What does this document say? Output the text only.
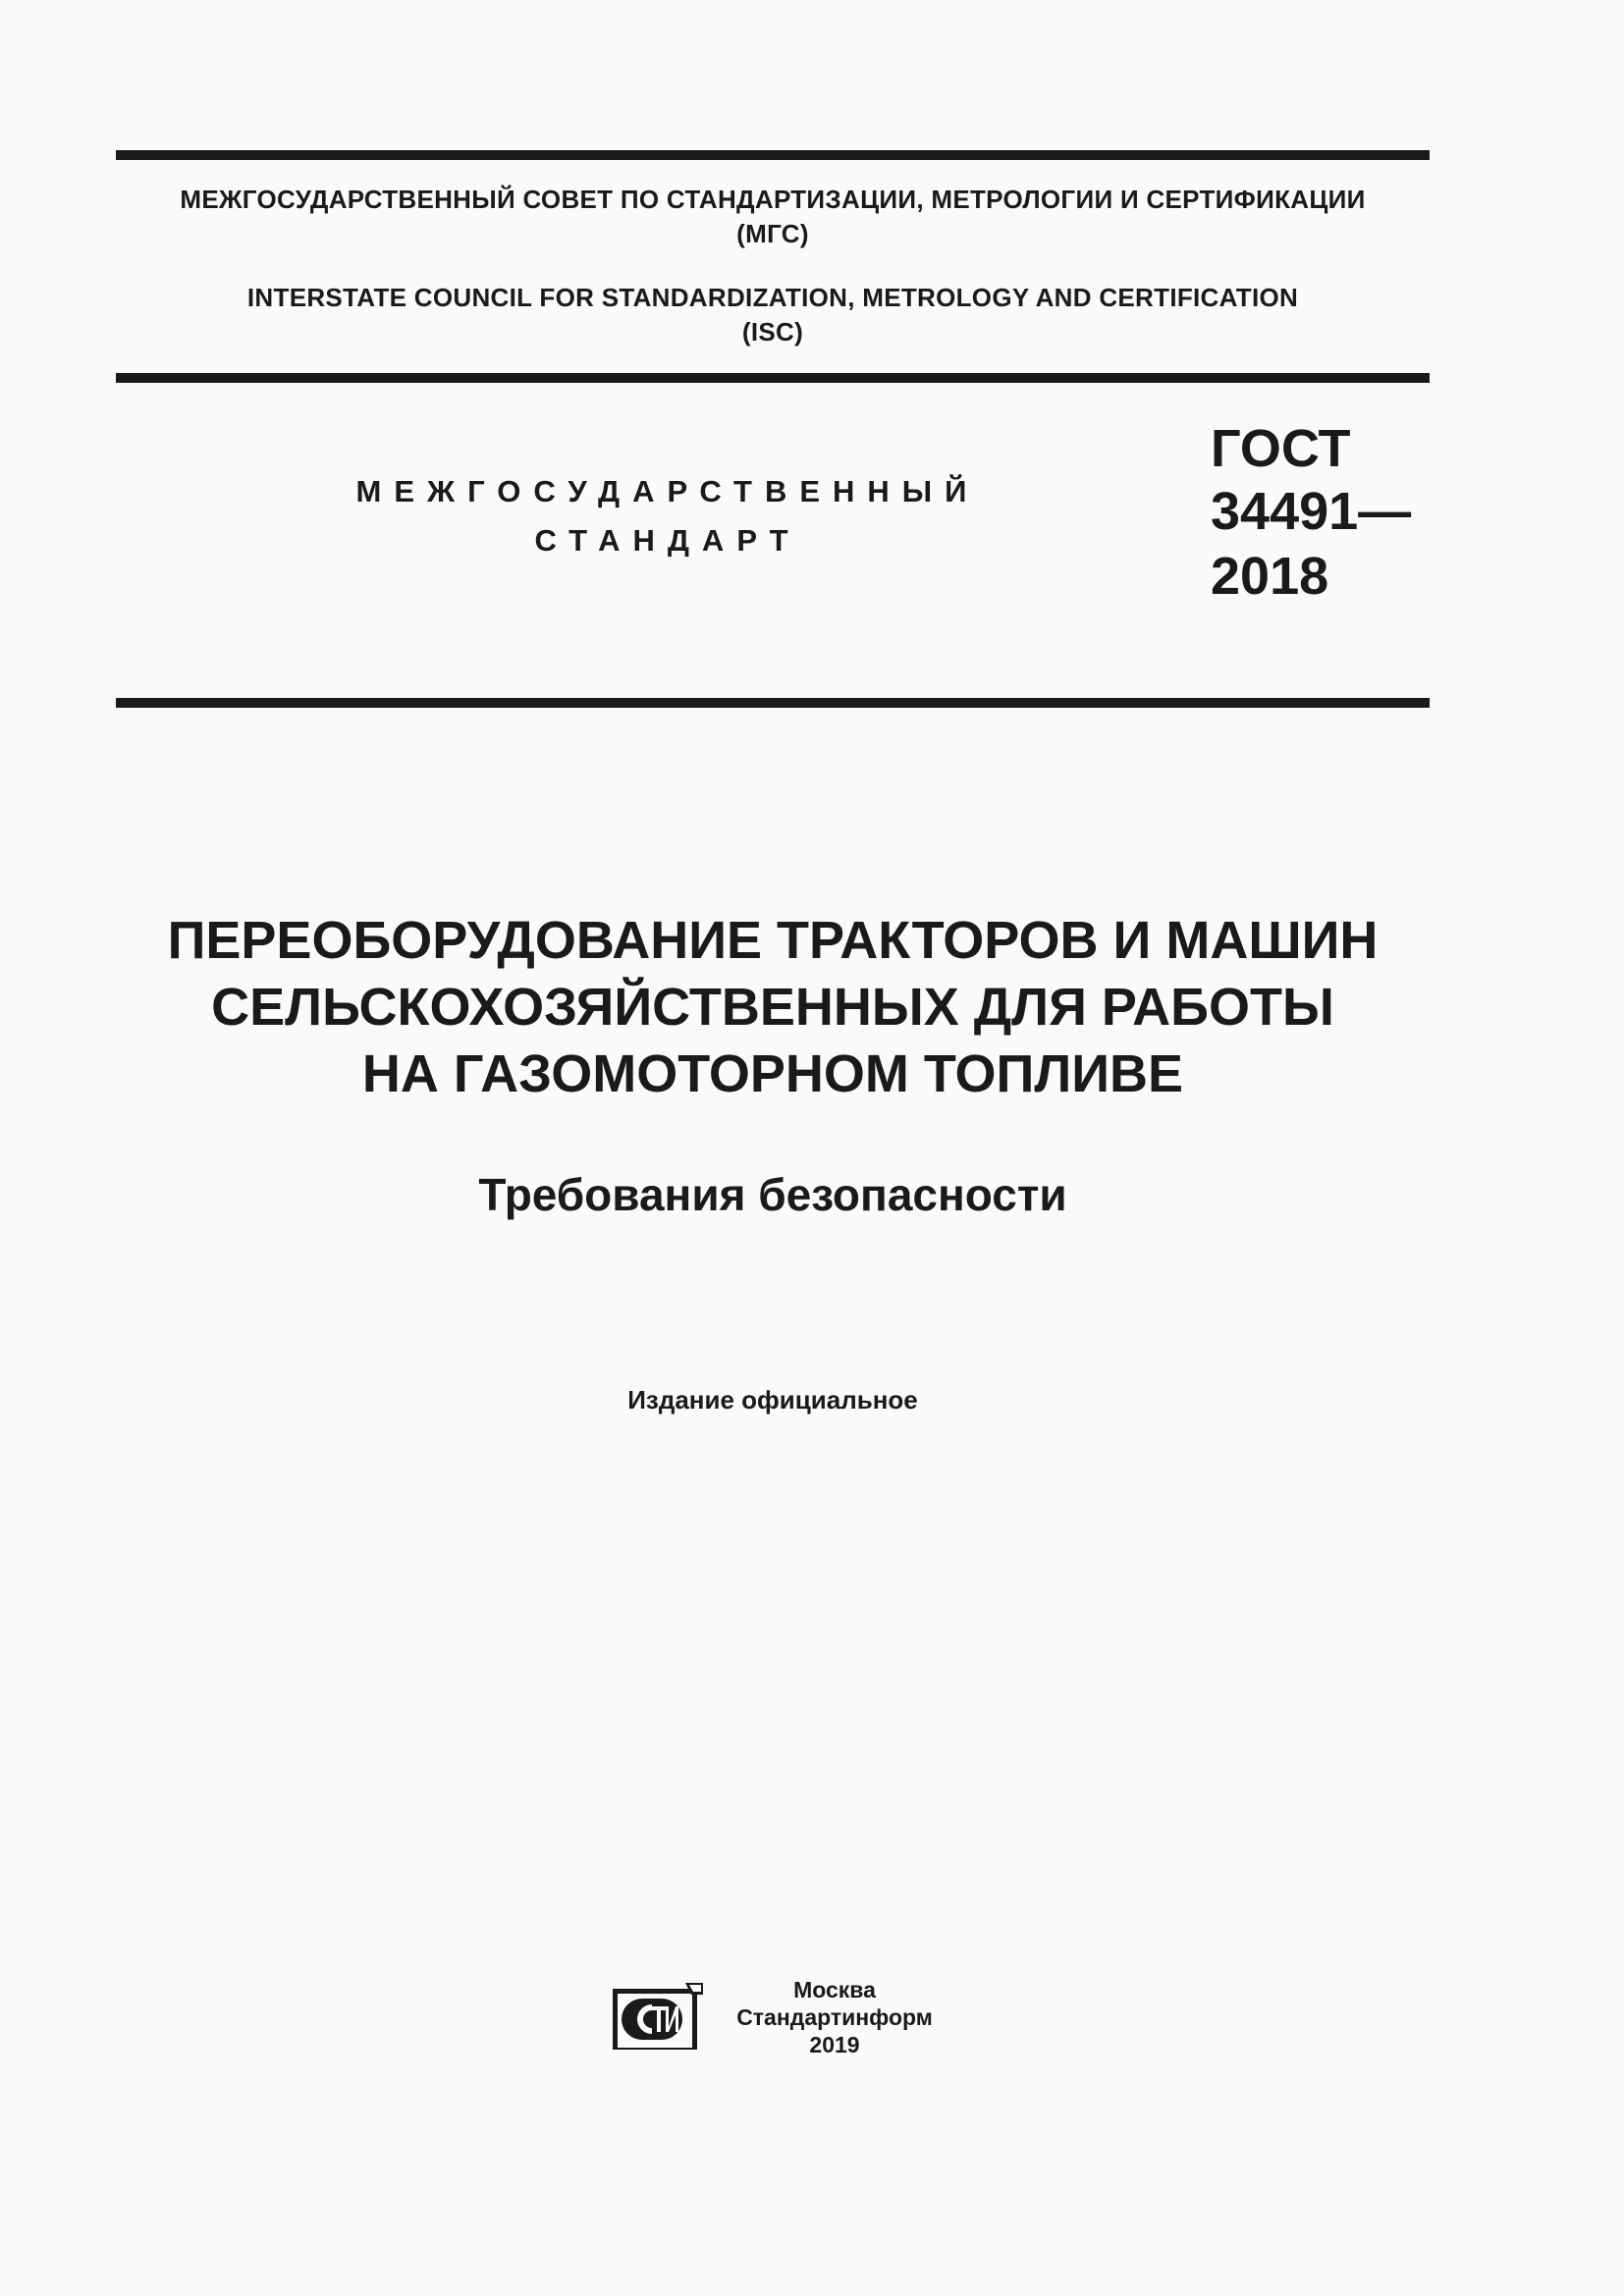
МЕЖГОСУДАРСТВЕННЫЙ СОВЕТ ПО СТАНДАРТИЗАЦИИ, МЕТРОЛОГИИ И СЕРТИФИКАЦИИ
(МГС)
INTERSTATE COUNCIL FOR STANDARDIZATION, METROLOGY AND CERTIFICATION
(ISC)
МЕЖГОСУДАРСТВЕННЫЙ
СТАНДАРТ
ГОСТ
34491—
2018
ПЕРЕОБОРУДОВАНИЕ ТРАКТОРОВ И МАШИН
СЕЛЬСКОХОЗЯЙСТВЕННЫХ ДЛЯ РАБОТЫ
НА ГАЗОМОТОРНОМ ТОПЛИВЕ
Требования безопасности
Издание официальное
Москва
Стандартинформ
2019
